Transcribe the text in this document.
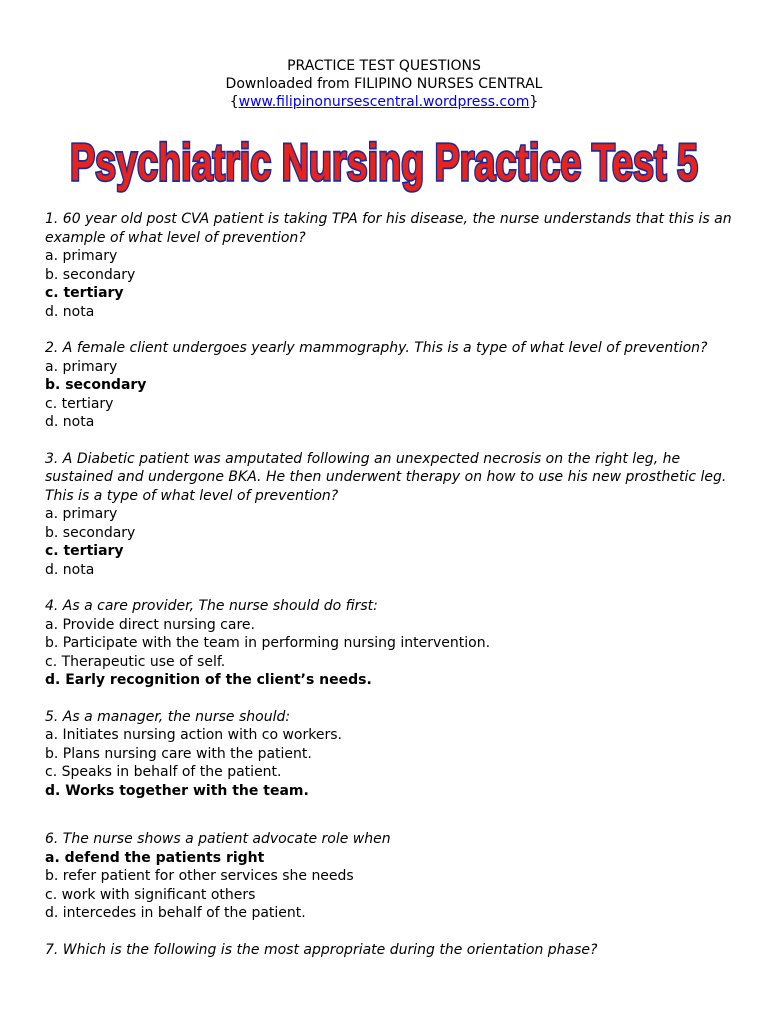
PRACTICE TEST QUESTIONS
Downloaded from FILIPINO NURSES CENTRAL
{www.filipinonursescentral.wordpress.com}
Psychiatric Nursing Practice Test 5
1. 60 year old post CVA patient is taking TPA for his disease, the nurse understands that this is an example of what level of prevention?
a. primary
b. secondary
c. tertiary
d. nota
2. A female client undergoes yearly mammography. This is a type of what level of prevention?
a. primary
b. secondary
c. tertiary
d. nota
3. A Diabetic patient was amputated following an unexpected necrosis on the right leg, he sustained and undergone BKA. He then underwent therapy on how to use his new prosthetic leg. This is a type of what level of prevention?
a. primary
b. secondary
c. tertiary
d. nota
4. As a care provider, The nurse should do first:
a. Provide direct nursing care.
b. Participate with the team in performing nursing intervention.
c. Therapeutic use of self.
d. Early recognition of the client’s needs.
5. As a manager, the nurse should:
a. Initiates nursing action with co workers.
b. Plans nursing care with the patient.
c. Speaks in behalf of the patient.
d. Works together with the team.
6. The nurse shows a patient advocate role when
a. defend the patients right
b. refer patient for other services she needs
c. work with significant others
d. intercedes in behalf of the patient.
7. Which is the following is the most appropriate during the orientation phase?
